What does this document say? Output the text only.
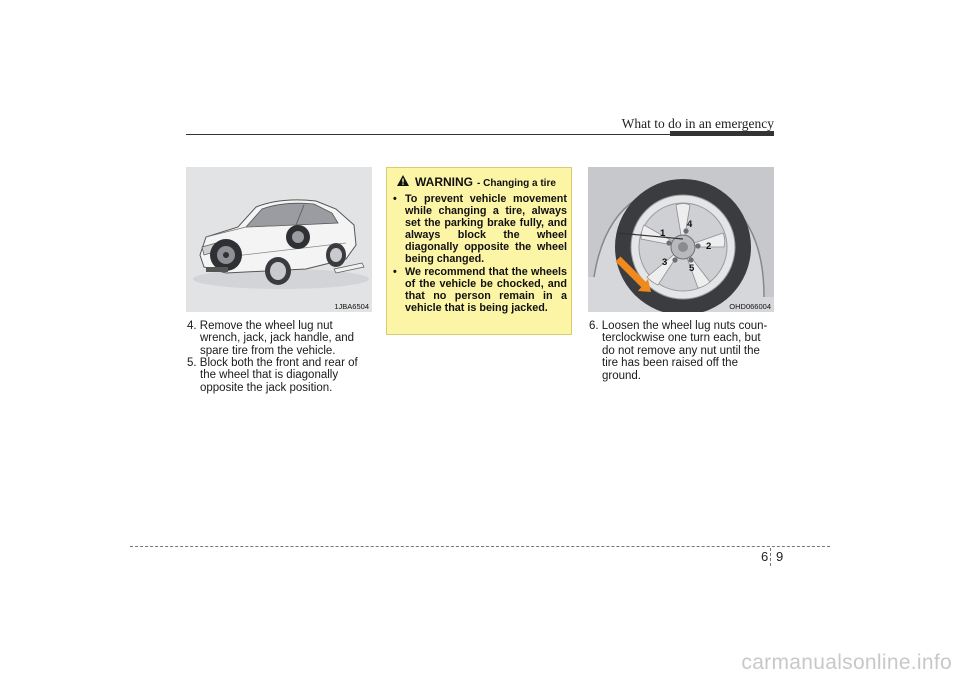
What to do in an emergency
1JBA6504
4. Remove the wheel lug nut wrench, jack, jack handle, and spare tire from the vehicle.
5. Block both the front and rear of the wheel that is diagonally opposite the jack position.
WARNING - Changing a tire
• To prevent vehicle movement while changing a tire, always set the parking brake fully, and always block the wheel diagonally opposite the wheel being changed.
• We recommend that the wheels of the vehicle be chocked, and that no person remain in a vehicle that is being jacked.
1
2
3
4
5
OHD066004
6. Loosen the wheel lug nuts coun-terclockwise one turn each, but do not remove any nut until the tire has been raised off the ground.
6 9
carmanualsonline.info
